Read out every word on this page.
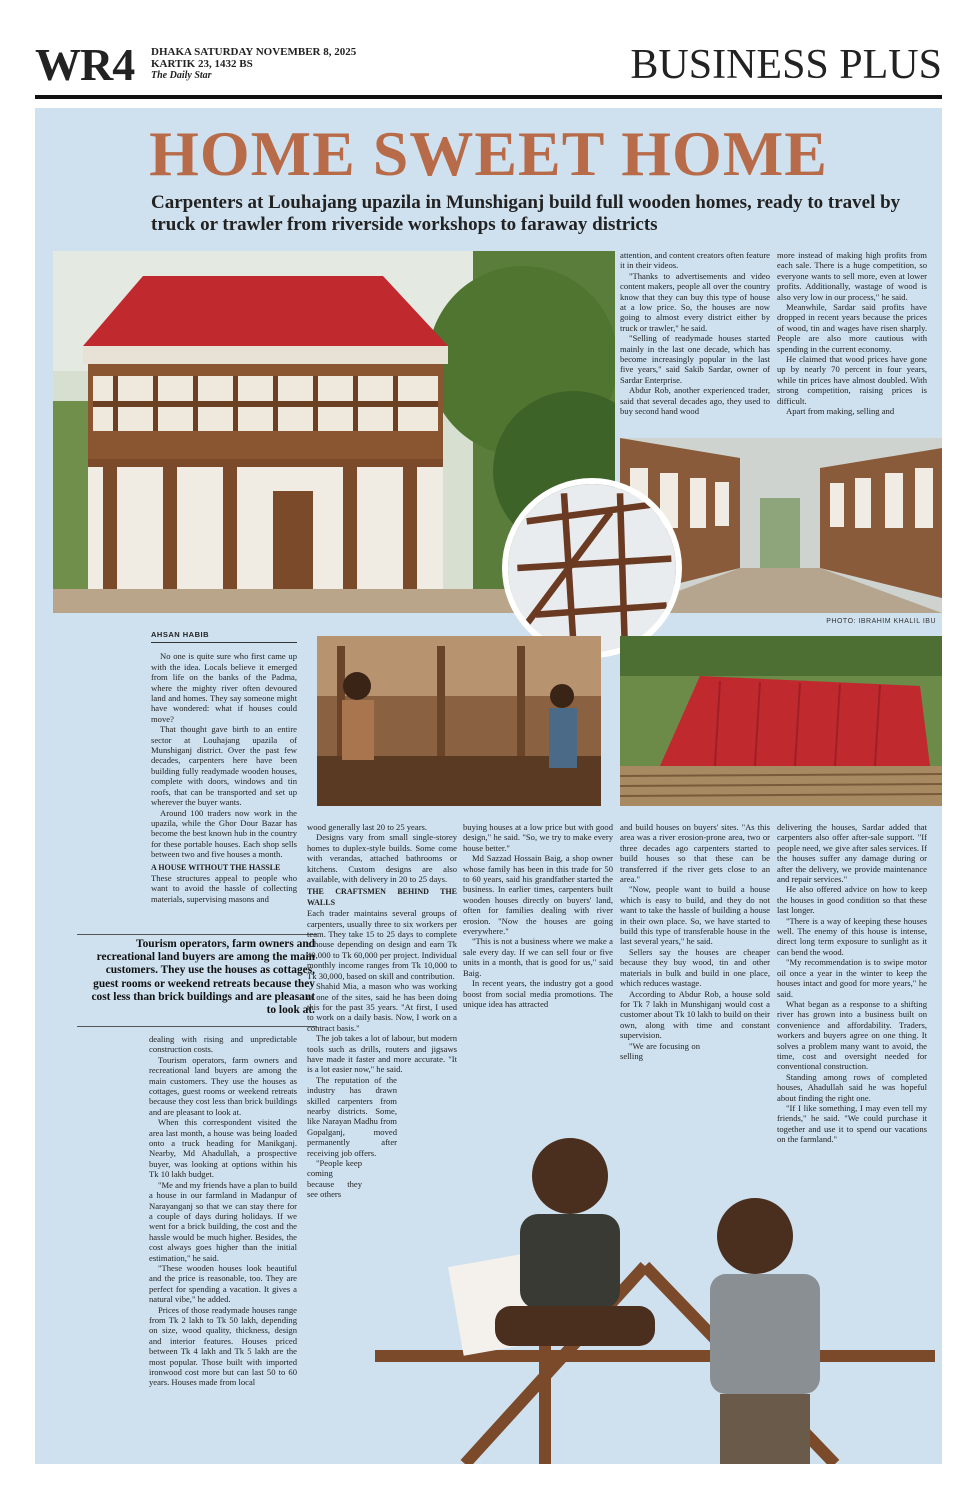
WR4 DHAKA SATURDAY NOVEMBER 8, 2025
KARTIK 23, 1432 BS
The Daily Star	BUSINESS PLUS
HOME SWEET HOME
Carpenters at Louhajang upazila in Munshiganj build full wooden homes, ready to travel by truck or trawler from riverside workshops to faraway districts
PHOTO: IBRAHIM KHALIL IBU
Tourism operators, farm owners and recreational land buyers are among the main customers. They use the houses as cottages, guest rooms or weekend retreats because they cost less than brick buildings and are pleasant to look at.
AHSAN HABIB

No one is quite sure who first came up with the idea. Locals believe it emerged from life on the banks of the Padma, where the mighty river often devoured land and homes. They say someone might have wondered: what if houses could move?

That thought gave birth to an entire sector at Louhajang upazila of Munshiganj district. Over the past few decades, carpenters here have been building fully readymade wooden houses, complete with doors, windows and tin roofs, that can be transported and set up wherever the buyer wants.

Around 100 traders now work in the upazila, while the Ghor Dour Bazar has become the best known hub in the country for these portable houses. Each shop sells between two and five houses a month.

A HOUSE WITHOUT THE HASSLE

These structures appeal to people who want to avoid the hassle of collecting materials, supervising masons and

dealing with rising and unpredictable construction costs.

Tourism operators, farm owners and recreational land buyers are among the main customers. They use the houses as cottages, guest rooms or weekend retreats because they cost less than brick buildings and are pleasant to look at.

When this correspondent visited the area last month, a house was being loaded onto a truck heading for Manikganj. Nearby, Md Ahadullah, a prospective buyer, was looking at options within his Tk 10 lakh budget.

"Me and my friends have a plan to build a house in our farmland in Madanpur of Narayanganj so that we can stay there for a couple of days during holidays. If we went for a brick building, the cost and the hassle would be much higher. Besides, the cost always goes higher than the initial estimation," he said.

"These wooden houses look beautiful and the price is reasonable, too. They are perfect for spending a vacation. It gives a natural vibe," he added.

Prices of those readymade houses range from Tk 2 lakh to Tk 50 lakh, depending on size, wood quality, thickness, design and interior features. Houses priced between Tk 4 lakh and Tk 5 lakh are the most popular. Those built with imported ironwood cost more but can last 50 to 60 years. Houses made from local

wood generally last 20 to 25 years.

Designs vary from small single-storey homes to duplex-style builds. Some come with verandas, attached bathrooms or kitchens. Custom designs are also available, with delivery in 20 to 25 days.

THE CRAFTSMEN BEHIND THE WALLS

Each trader maintains several groups of carpenters, usually three to six workers per team. They take 15 to 25 days to complete a house depending on design and earn Tk 40,000 to Tk 60,000 per project. Individual monthly income ranges from Tk 10,000 to Tk 30,000, based on skill and contribution.

Shahid Mia, a mason who was working at one of the sites, said he has been doing this for the past 35 years. "At first, I used to work on a daily basis. Now, I work on a contract basis."

The job takes a lot of labour, but modern tools such as drills, routers and jigsaws have made it faster and more accurate. "It is a lot easier now," he said.

The reputation of the industry has drawn skilled carpenters from nearby districts. Some, like Narayan Madhu from Gopalganj, moved permanently after receiving job offers.

"People keep coming because they see others

buying houses at a low price but with good design," he said. "So, we try to make every house better."

Md Sazzad Hossain Baig, a shop owner whose family has been in this trade for 50 to 60 years, said his grandfather started the business. In earlier times, carpenters built wooden houses directly on buyers' land, often for families dealing with river erosion. "Now the houses are going everywhere."

"This is not a business where we make a sale every day. If we can sell four or five units in a month, that is good for us," said Baig.

In recent years, the industry got a good boost from social media promotions. The unique idea has attracted

attention, and content creators often feature it in their videos.

"Thanks to advertisements and video content makers, people all over the country know that they can buy this type of house at a low price. So, the houses are now going to almost every district either by truck or trawler," he said.

"Selling of readymade houses started mainly in the last one decade, which has become increasingly popular in the last five years," said Sakib Sardar, owner of Sardar Enterprise.

Abdur Rob, another experienced trader, said that several decades ago, they used to buy second hand wood

more instead of making high profits from each sale. There is a huge competition, so everyone wants to sell more, even at lower profits. Additionally, wastage of wood is also very low in our process," he said.

Meanwhile, Sardar said profits have dropped in recent years because the prices of wood, tin and wages have risen sharply. People are also more cautious with spending in the current economy.

He claimed that wood prices have gone up by nearly 70 percent in four years, while tin prices have almost doubled. With strong competition, raising prices is difficult.

Apart from making, selling and

and build houses on buyers' sites. "As this area was a river erosion-prone area, two or three decades ago carpenters started to build houses so that these can be transferred if the river gets close to an area."

"Now, people want to build a house which is easy to build, and they do not want to take the hassle of building a house in their own place. So, we have started to build this type of transferable house in the last several years," he said.

Sellers say the houses are cheaper because they buy wood, tin and other materials in bulk and build in one place, which reduces wastage.

According to Abdur Rob, a house sold for Tk 7 lakh in Munshiganj would cost a customer about Tk 10 lakh to build on their own, along with time and constant supervision.

"We are focusing on selling

delivering the houses, Sardar added that carpenters also offer after-sale support. "If people need, we give after sales services. If the houses suffer any damage during or after the delivery, we provide maintenance and repair services."

He also offered advice on how to keep the houses in good condition so that these last longer.

"There is a way of keeping these houses well. The enemy of this house is intense, direct long term exposure to sunlight as it can bend the wood.

"My recommendation is to swipe motor oil once a year in the winter to keep the houses intact and good for more years," he said.

What began as a response to a shifting river has grown into a business built on convenience and affordability. Traders, workers and buyers agree on one thing. It solves a problem many want to avoid, the time, cost and oversight needed for conventional construction.

Standing among rows of completed houses, Ahadullah said he was hopeful about finding the right one.

"If I like something, I may even tell my friends," he said. "We could purchase it together and use it to spend our vacations on the farmland."
